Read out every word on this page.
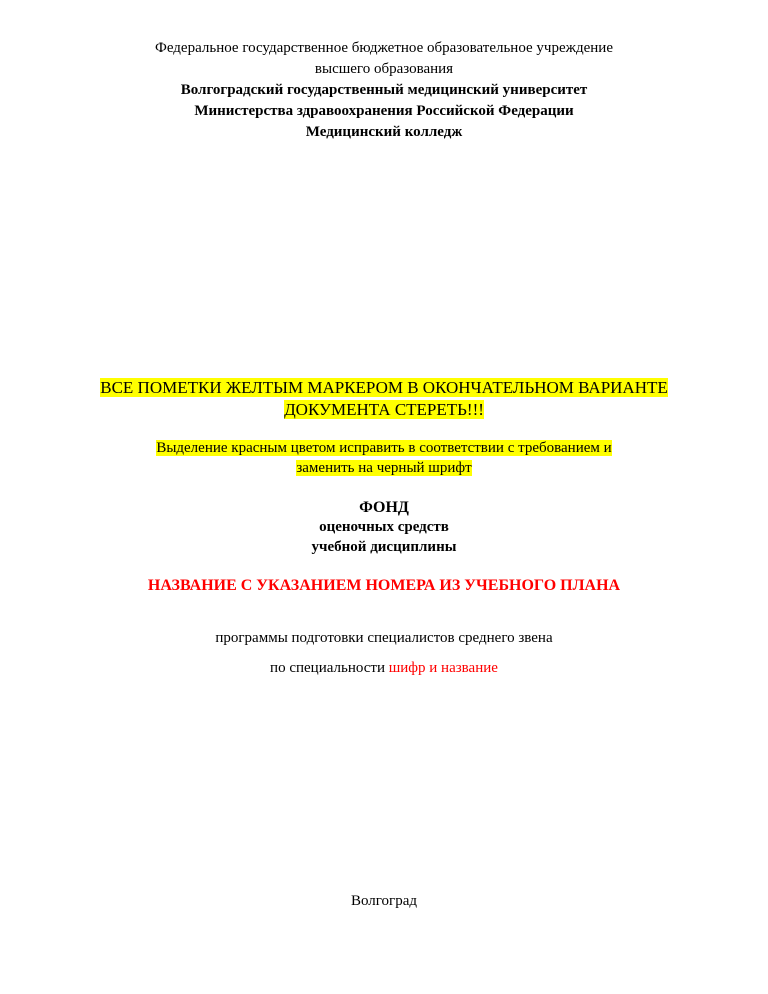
Федеральное государственное бюджетное образовательное учреждение
высшего образования
Волгоградский государственный медицинский университет
Министерства здравоохранения Российской Федерации
Медицинский колледж
ВСЕ ПОМЕТКИ ЖЕЛТЫМ МАРКЕРОМ В ОКОНЧАТЕЛЬНОМ ВАРИАНТЕ
ДОКУМЕНТА СТЕРЕТЬ!!!
Выделение красным цветом исправить в соответствии с требованием и
заменить на черный шрифт
ФОНД
оценочных средств
учебной дисциплины
НАЗВАНИЕ С УКАЗАНИЕМ НОМЕРА ИЗ УЧЕБНОГО ПЛАНА
программы подготовки специалистов среднего звена
по специальности шифр и название
Волгоград
